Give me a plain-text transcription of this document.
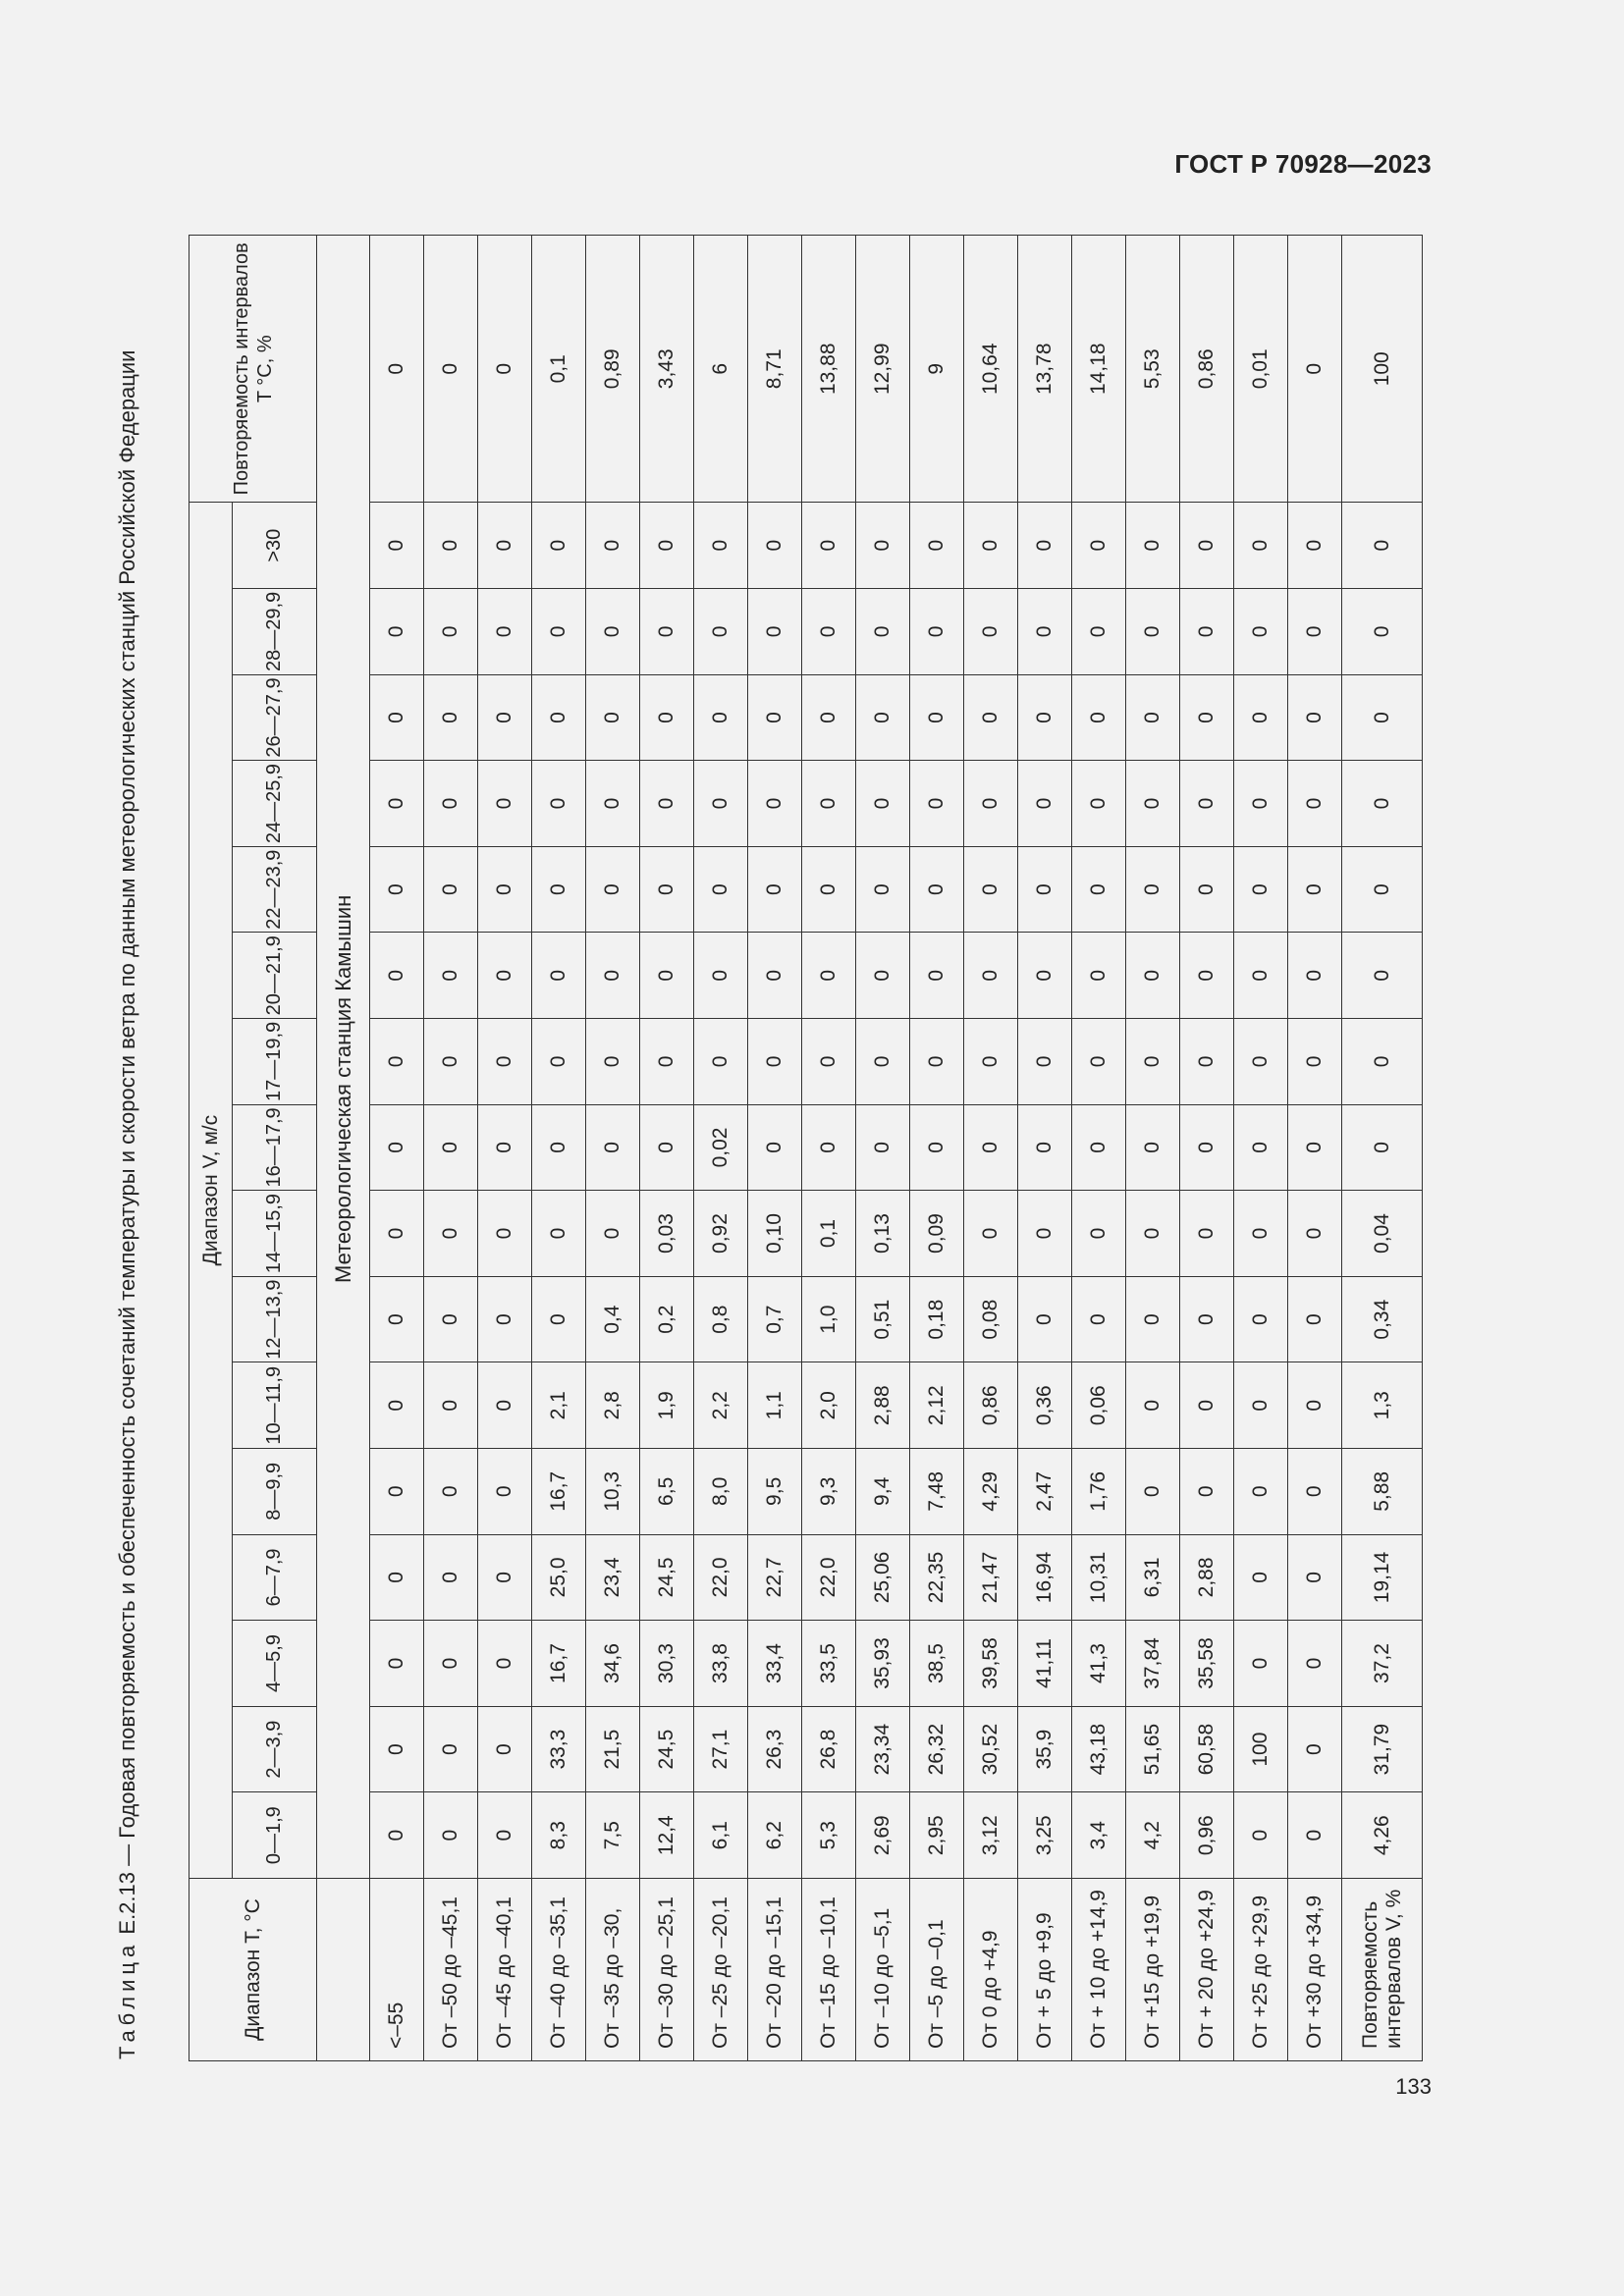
ГОСТ Р 70928—2023
Таблица Е.2.13 — Годовая повторяемость и обеспеченность сочетаний температуры и скорости ветра по данным метеорологических станций Российской Федерации
Диапазон T, °C	Диапазон V, м/с																Повторяемость интервалов T °C, %
	0—1,9	2—3,9	4—5,9	6—7,9	8—9,9	10—11,9	12—13,9	14—15,9	16—17,9	17—19,9	20—21,9	22—23,9	24—25,9	26—27,9	28—29,9	>30	
	Метеорологическая станция Камышин																
<–55	0	0	0	0	0	0	0	0	0	0	0	0	0	0	0	0	0
От –50 до –45,1	0	0	0	0	0	0	0	0	0	0	0	0	0	0	0	0	0
От –45 до –40,1	0	0	0	0	0	0	0	0	0	0	0	0	0	0	0	0	0
От –40 до –35,1	8,3	33,3	16,7	25,0	16,7	2,1	0	0	0	0	0	0	0	0	0	0	0,1
От –35 до –30,	7,5	21,5	34,6	23,4	10,3	2,8	0,4	0	0	0	0	0	0	0	0	0	0,89
От –30 до –25,1	12,4	24,5	30,3	24,5	6,5	1,9	0,2	0,03	0	0	0	0	0	0	0	0	3,43
От –25 до –20,1	6,1	27,1	33,8	22,0	8,0	2,2	0,8	0,92	0,02	0	0	0	0	0	0	0	6
От –20 до –15,1	6,2	26,3	33,4	22,7	9,5	1,1	0,7	0,10	0	0	0	0	0	0	0	0	8,71
От –15 до –10,1	5,3	26,8	33,5	22,0	9,3	2,0	1,0	0,1	0	0	0	0	0	0	0	0	13,88
От –10 до –5,1	2,69	23,34	35,93	25,06	9,4	2,88	0,51	0,13	0	0	0	0	0	0	0	0	12,99
От –5 до –0,1	2,95	26,32	38,5	22,35	7,48	2,12	0,18	0,09	0	0	0	0	0	0	0	0	9
От 0 до +4,9	3,12	30,52	39,58	21,47	4,29	0,86	0,08	0	0	0	0	0	0	0	0	0	10,64
От + 5 до +9,9	3,25	35,9	41,11	16,94	2,47	0,36	0	0	0	0	0	0	0	0	0	0	13,78
От + 10 до +14,9	3,4	43,18	41,3	10,31	1,76	0,06	0	0	0	0	0	0	0	0	0	0	14,18
От +15 до +19,9	4,2	51,65	37,84	6,31	0	0	0	0	0	0	0	0	0	0	0	0	5,53
От + 20 до +24,9	0,96	60,58	35,58	2,88	0	0	0	0	0	0	0	0	0	0	0	0	0,86
От +25 до +29,9	0	100	0	0	0	0	0	0	0	0	0	0	0	0	0	0	0,01
От +30 до +34,9	0	0	0	0	0	0	0	0	0	0	0	0	0	0	0	0	0
Повторяемость интервалов V, %	4,26	31,79	37,2	19,14	5,88	1,3	0,34	0,04	0	0	0	0	0	0	0	0	100
133
